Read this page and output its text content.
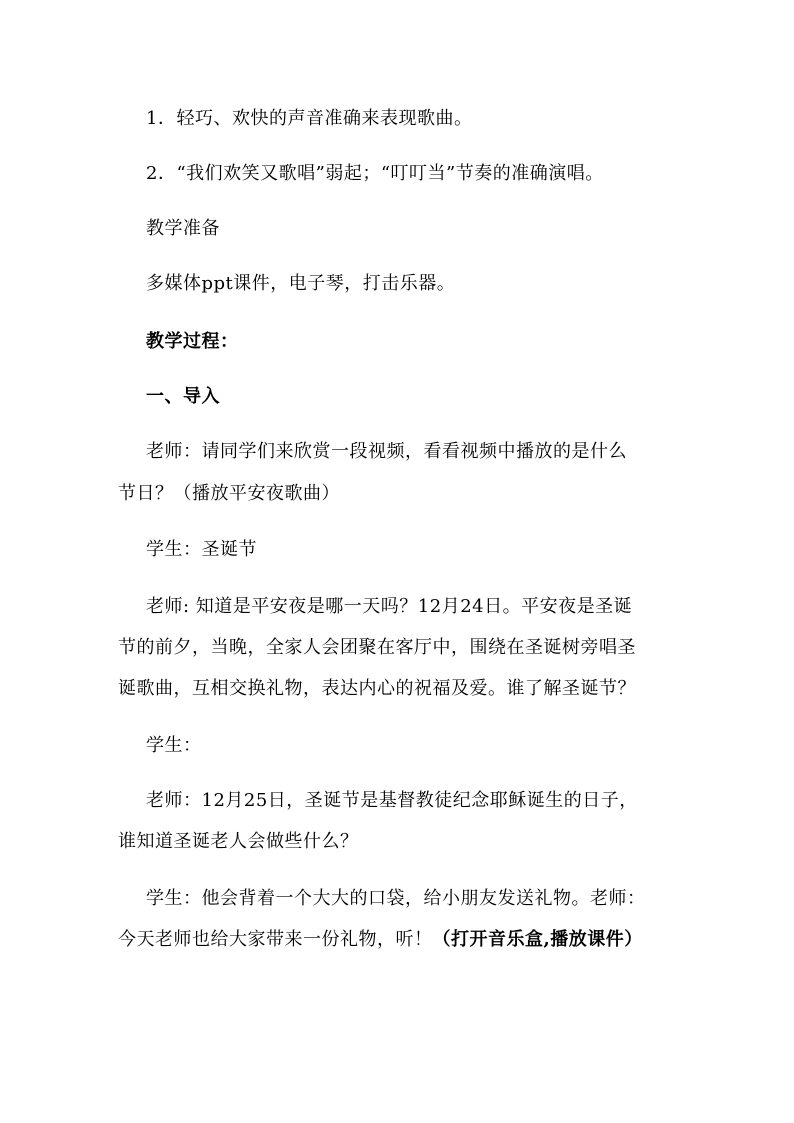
1．轻巧、欢快的声音准确来表现歌曲。
2．“我们欢笑又歌唱”弱起；“叮叮当”节奏的准确演唱。
教学准备
多媒体ppt课件，电子琴，打击乐器。
教学过程：
一、导入
老师：请同学们来欣赏一段视频，看看视频中播放的是什么
节日？（播放平安夜歌曲）
学生：圣诞节
老师: 知道是平安夜是哪一天吗？12月24日。平安夜是圣诞
节的前夕，当晚，全家人会团聚在客厅中，围绕在圣诞树旁唱圣
诞歌曲，互相交换礼物，表达内心的祝福及爱。谁了解圣诞节？
学生：
老师：12月25日，圣诞节是基督教徒纪念耶稣诞生的日子，
谁知道圣诞老人会做些什么？
学生：他会背着一个大大的口袋，给小朋友发送礼物。老师：
今天老师也给大家带来一份礼物，听！（打开音乐盒,播放课件）
